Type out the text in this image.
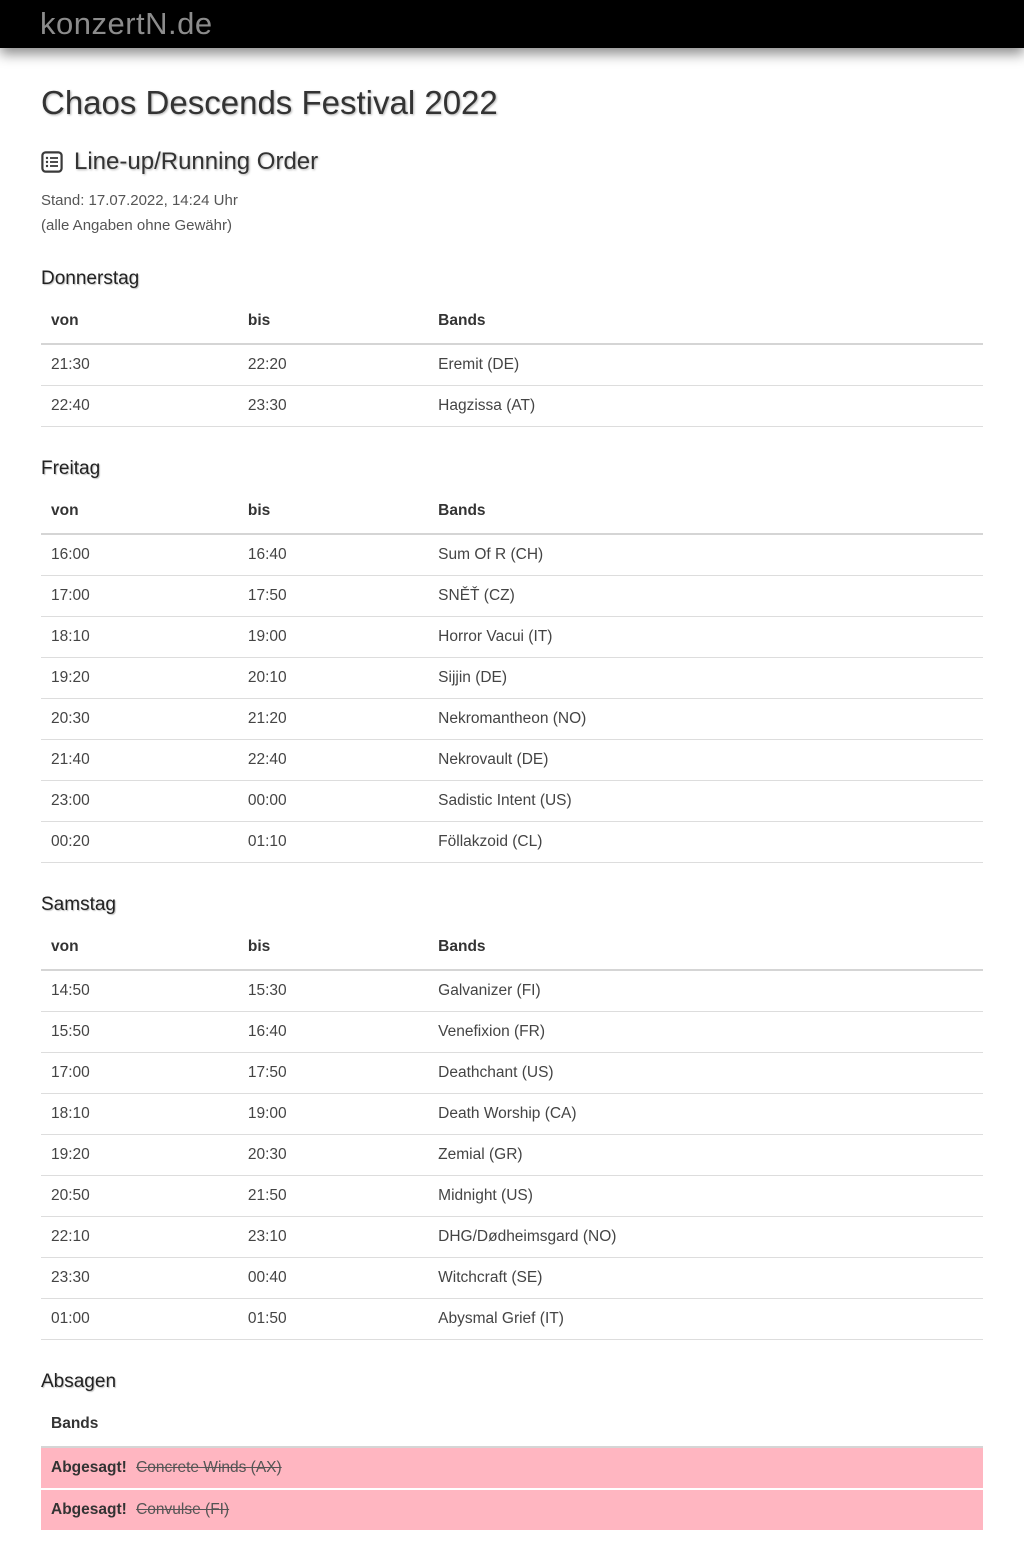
konzertN.de
Chaos Descends Festival 2022
Line-up/Running Order
Stand: 17.07.2022, 14:24 Uhr
(alle Angaben ohne Gewähr)
Donnerstag
von	bis	Bands
21:30	22:20	Eremit (DE)
22:40	23:30	Hagzissa (AT)
Freitag
von	bis	Bands
16:00	16:40	Sum Of R (CH)
17:00	17:50	SNĚŤ (CZ)
18:10	19:00	Horror Vacui (IT)
19:20	20:10	Sijjin (DE)
20:30	21:20	Nekromantheon (NO)
21:40	22:40	Nekrovault (DE)
23:00	00:00	Sadistic Intent (US)
00:20	01:10	Föllakzoid (CL)
Samstag
von	bis	Bands
14:50	15:30	Galvanizer (FI)
15:50	16:40	Venefixion (FR)
17:00	17:50	Deathchant (US)
18:10	19:00	Death Worship (CA)
19:20	20:30	Zemial (GR)
20:50	21:50	Midnight (US)
22:10	23:10	DHG/Dødheimsgard (NO)
23:30	00:40	Witchcraft (SE)
01:00	01:50	Abysmal Grief (IT)
Absagen
Bands
Abgesagt! Concrete Winds (AX)
Abgesagt! Convulse (FI)
